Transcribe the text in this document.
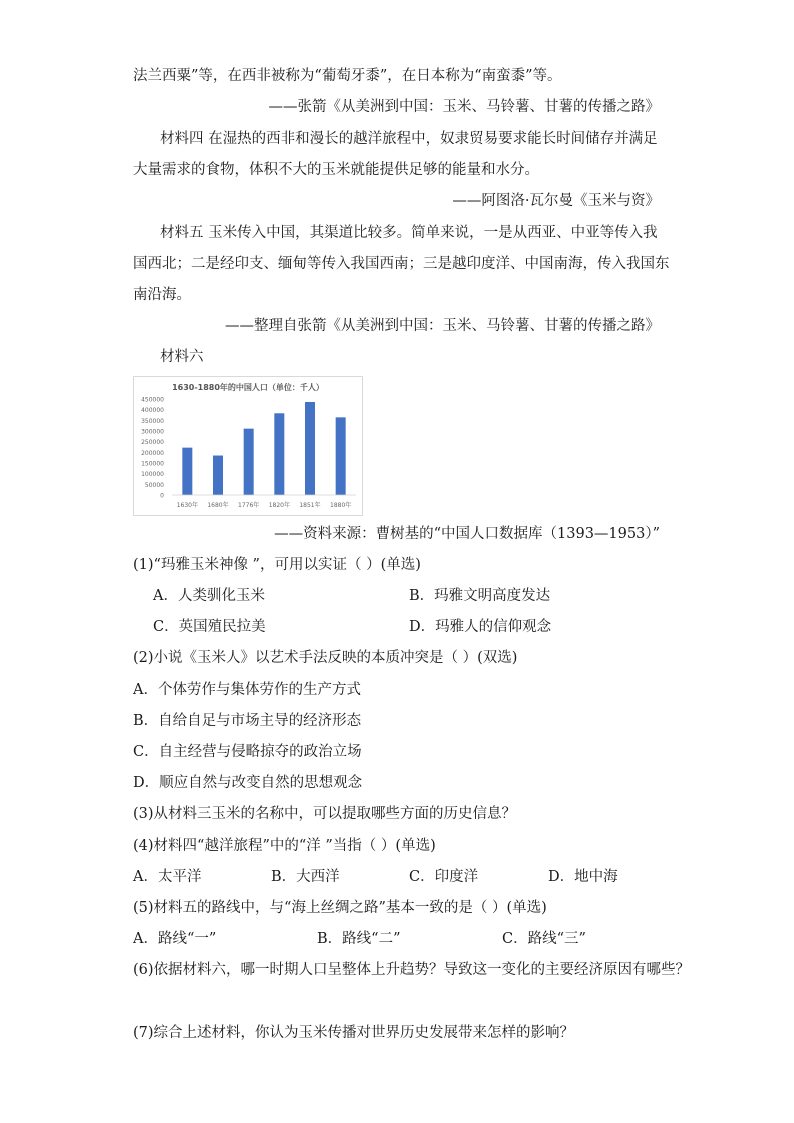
法兰西粟”等，在西非被称为“葡萄牙黍”，在日本称为“南蛮黍”等。
——张箭《从美洲到中国：玉米、马铃薯、甘薯的传播之路》
材料四 在湿热的西非和漫长的越洋旅程中，奴隶贸易要求能长时间储存并满足
大量需求的食物，体积不大的玉米就能提供足够的能量和水分。
——阿图洛·瓦尔曼《玉米与资》
材料五 玉米传入中国，其渠道比较多。简单来说，一是从西亚、中亚等传入我
国西北；二是经印支、缅甸等传入我国西南；三是越印度洋、中国南海，传入我国东
南沿海。
——整理自张箭《从美洲到中国：玉米、马铃薯、甘薯的传播之路》
材料六
1630-1880年的中国人口（单位：千人）
0
50000
100000
150000
200000
250000
300000
350000
400000
450000
1630年 1680年 1776年 1820年 1851年 1880年
——资料来源：曹树基的“中国人口数据库（1393—1953）”
(1)“玛雅玉米神像 ”，可用以实证（ ）(单选)
A．人类驯化玉米	B．玛雅文明高度发达
C．英国殖民拉美	D．玛雅人的信仰观念
(2)小说《玉米人》以艺术手法反映的本质冲突是（ ）(双选)
A．个体劳作与集体劳作的生产方式
B．自给自足与市场主导的经济形态
C．自主经营与侵略掠夺的政治立场
D．顺应自然与改变自然的思想观念
(3)从材料三玉米的名称中，可以提取哪些方面的历史信息？
(4)材料四“越洋旅程”中的“洋 ”当指（ ）(单选)
A．太平洋	B．大西洋	C．印度洋	D．地中海
(5)材料五的路线中，与“海上丝绸之路”基本一致的是（ ）(单选)
A．路线“一”	B．路线“二”	C．路线“三”
(6)依据材料六，哪一时期人口呈整体上升趋势？导致这一变化的主要经济原因有哪些？
(7)综合上述材料，你认为玉米传播对世界历史发展带来怎样的影响？
